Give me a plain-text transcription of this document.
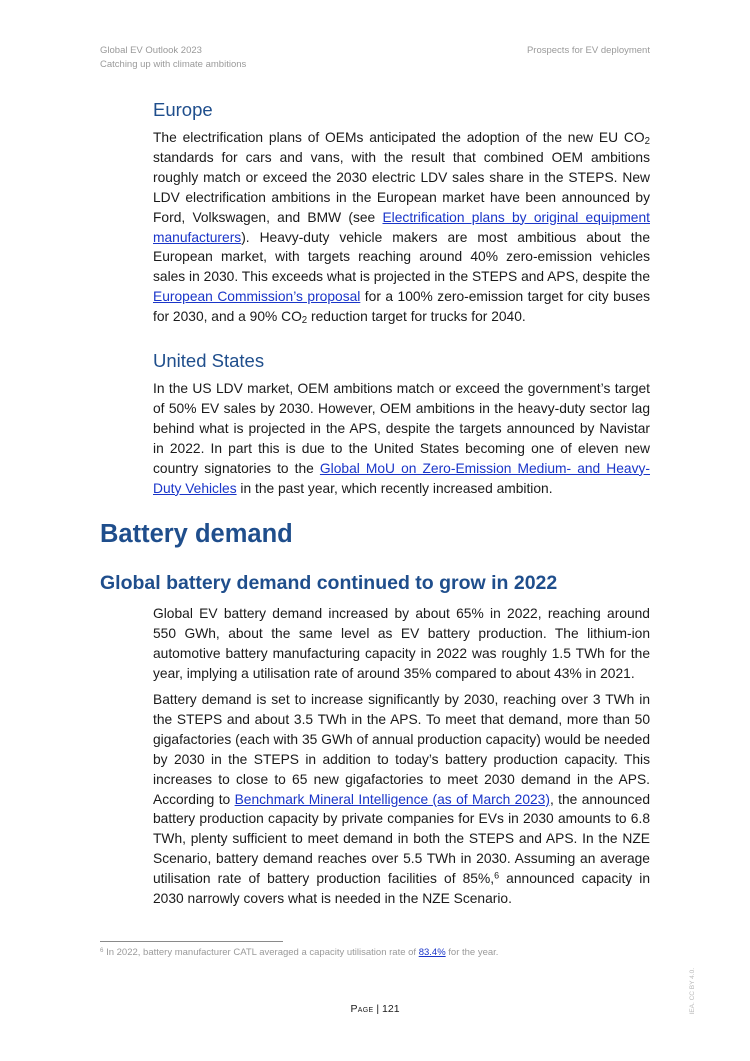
Global EV Outlook 2023
Catching up with climate ambitions
Prospects for EV deployment
Europe

The electrification plans of OEMs anticipated the adoption of the new EU $CO_2$ standards for cars and vans, with the result that combined OEM ambitions roughly match or exceed the 2030 electric LDV sales share in the STEPS. New LDV electrification ambitions in the European market have been announced by Ford, Volkswagen, and BMW (see Electrification plans by original equipment manufacturers). Heavy-duty vehicle makers are most ambitious about the European market, with targets reaching around 40% zero-emission vehicles sales in 2030. This exceeds what is projected in the STEPS and APS, despite the European Commission’s proposal for a 100% zero-emission target for city buses for 2030, and a 90% $CO_2$ reduction target for trucks for 2040.

United States

In the US LDV market, OEM ambitions match or exceed the government’s target of 50% EV sales by 2030. However, OEM ambitions in the heavy-duty sector lag behind what is projected in the APS, despite the targets announced by Navistar in 2022. In part this is due to the United States becoming one of eleven new country signatories to the Global MoU on Zero-Emission Medium- and Heavy-Duty Vehicles in the past year, which recently increased ambition.

Battery demand
Global battery demand continued to grow in 2022

Global EV battery demand increased by about 65% in 2022, reaching around 550 GWh, about the same level as EV battery production. The lithium-ion automotive battery manufacturing capacity in 2022 was roughly 1.5 TWh for the year, implying a utilisation rate of around 35% compared to about 43% in 2021.

Battery demand is set to increase significantly by 2030, reaching over 3 TWh in the STEPS and about 3.5 TWh in the APS. To meet that demand, more than 50 gigafactories (each with 35 GWh of annual production capacity) would be needed by 2030 in the STEPS in addition to today’s battery production capacity. This increases to close to 65 new gigafactories to meet 2030 demand in the APS. According to Benchmark Mineral Intelligence (as of March 2023), the announced battery production capacity by private companies for EVs in 2030 amounts to 6.8 TWh, plenty sufficient to meet demand in both the STEPS and APS. In the NZE Scenario, battery demand reaches over 5.5 TWh in 2030. Assuming an average utilisation rate of battery production facilities of 85%,$^6$ announced capacity in 2030 narrowly covers what is needed in the NZE Scenario.

$^6$ In 2022, battery manufacturer CATL averaged a capacity utilisation rate of 83.4% for the year.
Page | 121	IEA. CC BY 4.0.
